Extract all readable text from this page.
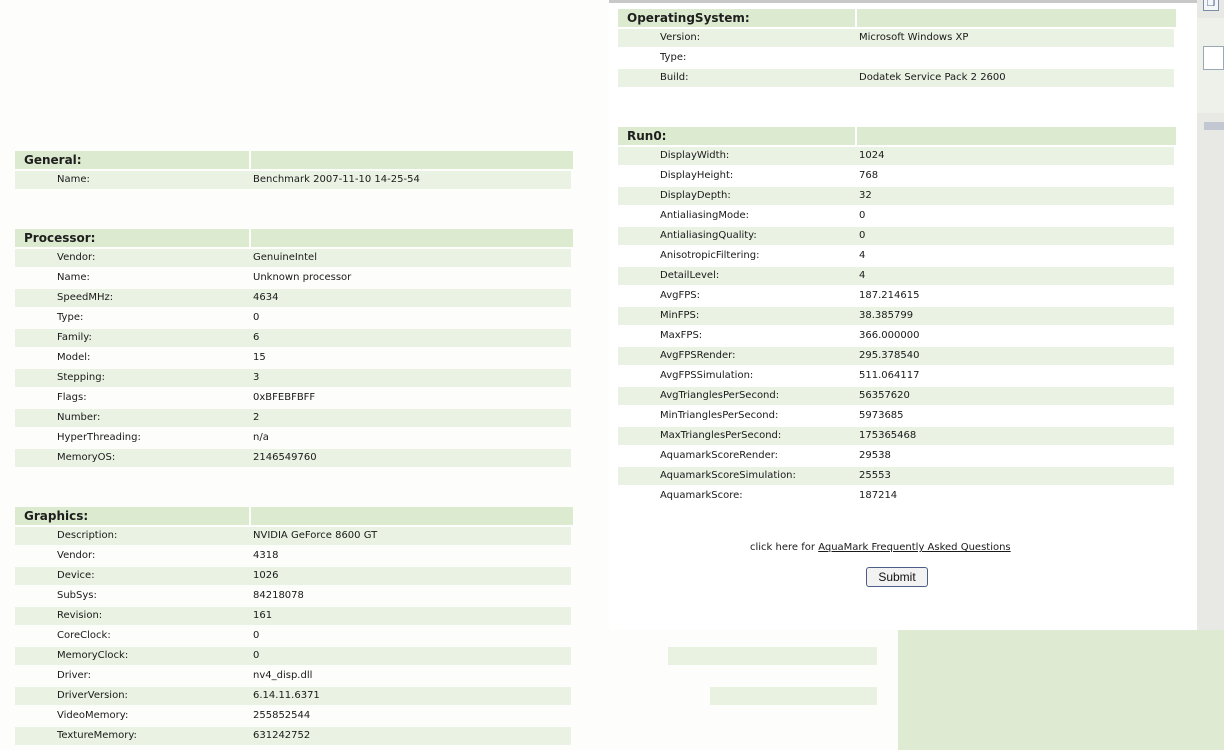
❐
General:
Name:	Benchmark 2007-11-10 14-25-54
Processor:
Vendor:	GenuineIntel
Name:	Unknown processor
SpeedMHz:	4634
Type:	0
Family:	6
Model:	15
Stepping:	3
Flags:	0xBFEBFBFF
Number:	2
HyperThreading:	n/a
MemoryOS:	2146549760
Graphics:
Description:	NVIDIA GeForce 8600 GT
Vendor:	4318
Device:	1026
SubSys:	84218078
Revision:	161
CoreClock:	0
MemoryClock:	0
Driver:	nv4_disp.dll
DriverVersion:	6.14.11.6371
VideoMemory:	255852544
TextureMemory:	631242752
OperatingSystem:
Version:	Microsoft Windows XP
Type:
Build:	Dodatek Service Pack 2 2600
Run0:
DisplayWidth:	1024
DisplayHeight:	768
DisplayDepth:	32
AntialiasingMode:	0
AntialiasingQuality:	0
AnisotropicFiltering:	4
DetailLevel:	4
AvgFPS:	187.214615
MinFPS:	38.385799
MaxFPS:	366.000000
AvgFPSRender:	295.378540
AvgFPSSimulation:	511.064117
AvgTrianglesPerSecond:	56357620
MinTrianglesPerSecond:	5973685
MaxTrianglesPerSecond:	175365468
AquamarkScoreRender:	29538
AquamarkScoreSimulation:	25553
AquamarkScore:	187214
click here for AquaMark Frequently Asked Questions
Submit
